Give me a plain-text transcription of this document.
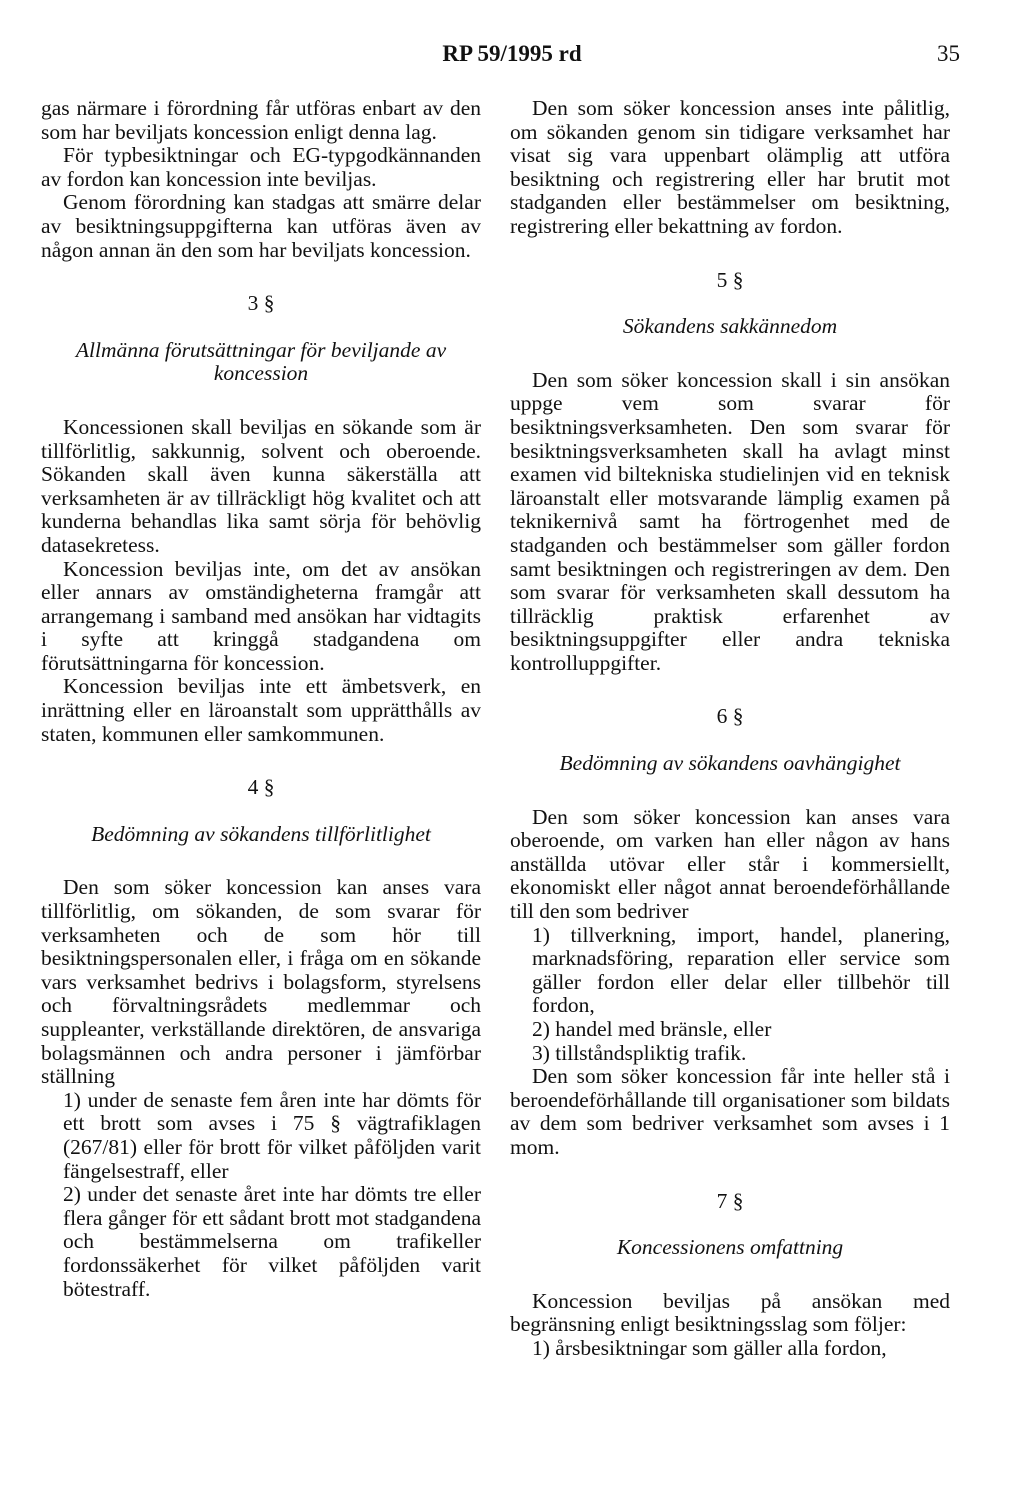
RP 59/1995 rd	35

gas närmare i förordning får utföras enbart av den som har beviljats koncession enligt denna lag.

För typbesiktningar och EG-typgodkännanden av fordon kan koncession inte beviljas.

Genom förordning kan stadgas att smärre delar av besiktningsuppgifterna kan utföras även av någon annan än den som har beviljats koncession.

3 §

Allmänna förutsättningar för beviljande av koncession

Koncessionen skall beviljas en sökande som är tillförlitlig, sakkunnig, solvent och oberoende. Sökanden skall även kunna säkerställa att verksamheten är av tillräckligt hög kvalitet och att kunderna behandlas lika samt sörja för behövlig datasekretess.

Koncession beviljas inte, om det av ansökan eller annars av omständigheterna framgår att arrangemang i samband med ansökan har vidtagits i syfte att kringgå stadgandena om förutsättningarna för koncession.

Koncession beviljas inte ett ämbetsverk, en inrättning eller en läroanstalt som upprätthålls av staten, kommunen eller samkommunen.

4 §

Bedömning av sökandens tillförlitlighet

Den som söker koncession kan anses vara tillförlitlig, om sökanden, de som svarar för verksamheten och de som hör till besiktningspersonalen eller, i fråga om en sökande vars verksamhet bedrivs i bolagsform, styrelsens och förvaltningsrådets medlemmar och suppleanter, verkställande direktören, de ansvariga bolagsmännen och andra personer i jämförbar ställning

1) under de senaste fem åren inte har dömts för ett brott som avses i 75 § vägtrafiklagen (267/81) eller för brott för vilket påföljden varit fängelsestraff, eller

2) under det senaste året inte har dömts tre eller flera gånger för ett sådant brott mot stadgandena och bestämmelserna om trafikeller fordonssäkerhet för vilket påföljden varit bötestraff.

Den som söker koncession anses inte pålitlig, om sökanden genom sin tidigare verksamhet har visat sig vara uppenbart olämplig att utföra besiktning och registrering eller har brutit mot stadganden eller bestämmelser om besiktning, registrering eller bekattning av fordon.

5 §

Sökandens sakkännedom

Den som söker koncession skall i sin ansökan uppge vem som svarar för besiktningsverksamheten. Den som svarar för besiktningsverksamheten skall ha avlagt minst examen vid biltekniska studielinjen vid en teknisk läroanstalt eller motsvarande lämplig examen på teknikernivå samt ha förtrogenhet med de stadganden och bestämmelser som gäller fordon samt besiktningen och registreringen av dem. Den som svarar för verksamheten skall dessutom ha tillräcklig praktisk erfarenhet av besiktningsuppgifter eller andra tekniska kontrolluppgifter.

6 §

Bedömning av sökandens oavhängighet

Den som söker koncession kan anses vara oberoende, om varken han eller någon av hans anställda utövar eller står i kommersiellt, ekonomiskt eller något annat beroendeförhållande till den som bedriver

1) tillverkning, import, handel, planering, marknadsföring, reparation eller service som gäller fordon eller delar eller tillbehör till fordon,

2) handel med bränsle, eller

3) tillståndspliktig trafik.

Den som söker koncession får inte heller stå i beroendeförhållande till organisationer som bildats av dem som bedriver verksamhet som avses i 1 mom.

7 §

Koncessionens omfattning

Koncession beviljas på ansökan med begränsning enligt besiktningsslag som följer:

1) årsbesiktningar som gäller alla fordon,
